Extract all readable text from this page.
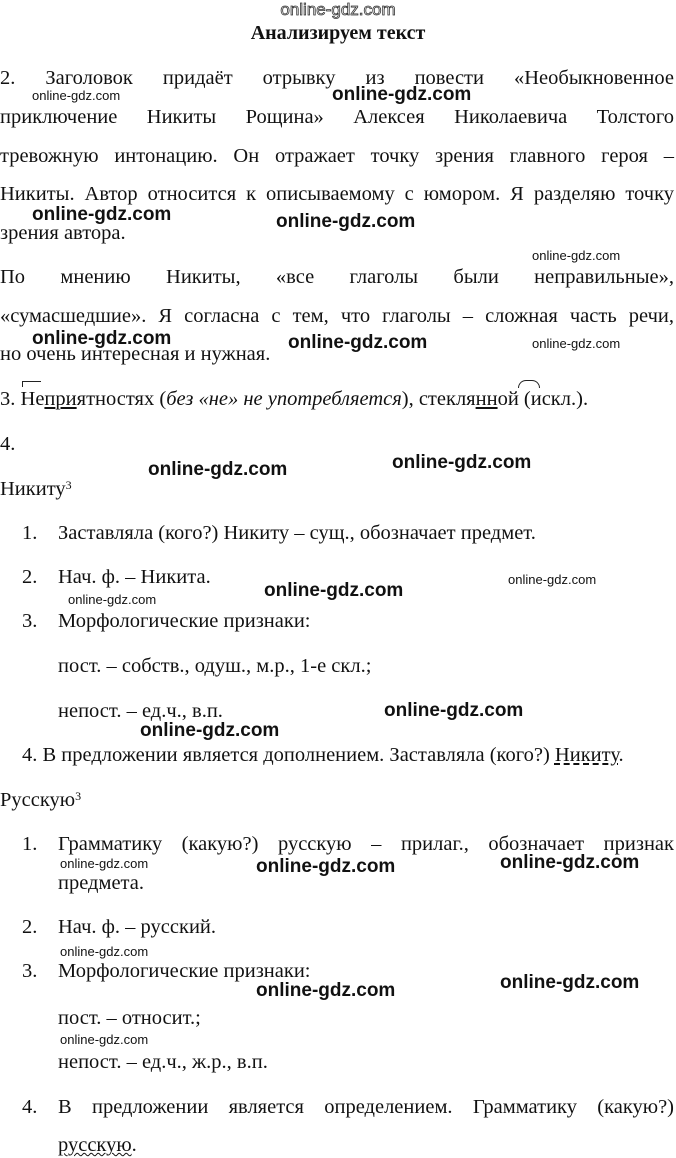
online-gdz.com
Анализируем текст
2. Заголовок придаёт отрывку из повести «Необыкновенное
приключение Никиты Рощина» Алексея Николаевича Толстого
тревожную интонацию. Он отражает точку зрения главного героя –
Никиты. Автор относится к описываемому с юмором. Я разделяю точку
зрения автора.
По мнению Никиты, «все глаголы были неправильные»,
«сумасшедшие». Я согласна с тем, что глаголы – сложная часть речи,
но очень интересная и нужная.
3. Неприятностях (без «не» не употребляется), стеклянной (искл.).
4.
Никиту$^3$
1. Заставляла (кого?) Никиту – сущ., обозначает предмет.
2. Нач. ф. – Никита.
3. Морфологические признаки:
пост. – собств., одуш., м.р., 1-е скл.;
непост. – ед.ч., в.п.
4. В предложении является дополнением. Заставляла (кого?) Никиту.
Русскую$^3$
1. Грамматику (какую?) русскую – прилаг., обозначает признак
предмета.
2. Нач. ф. – русский.
3. Морфологические признаки:
пост. – относит.;
непост. – ед.ч., ж.р., в.п.
4. В предложении является определением. Грамматику (какую?)
русскую.
online-gdz.com	online-gdz.com
online-gdz.com	online-gdz.com
online-gdz.com
online-gdz.com	online-gdz.com	online-gdz.com
online-gdz.com	online-gdz.com
online-gdz.com
online-gdz.com
online-gdz.com
online-gdz.com
online-gdz.com
online-gdz.com	online-gdz.com	online-gdz.com
online-gdz.com
online-gdz.com	online-gdz.com
online-gdz.com
